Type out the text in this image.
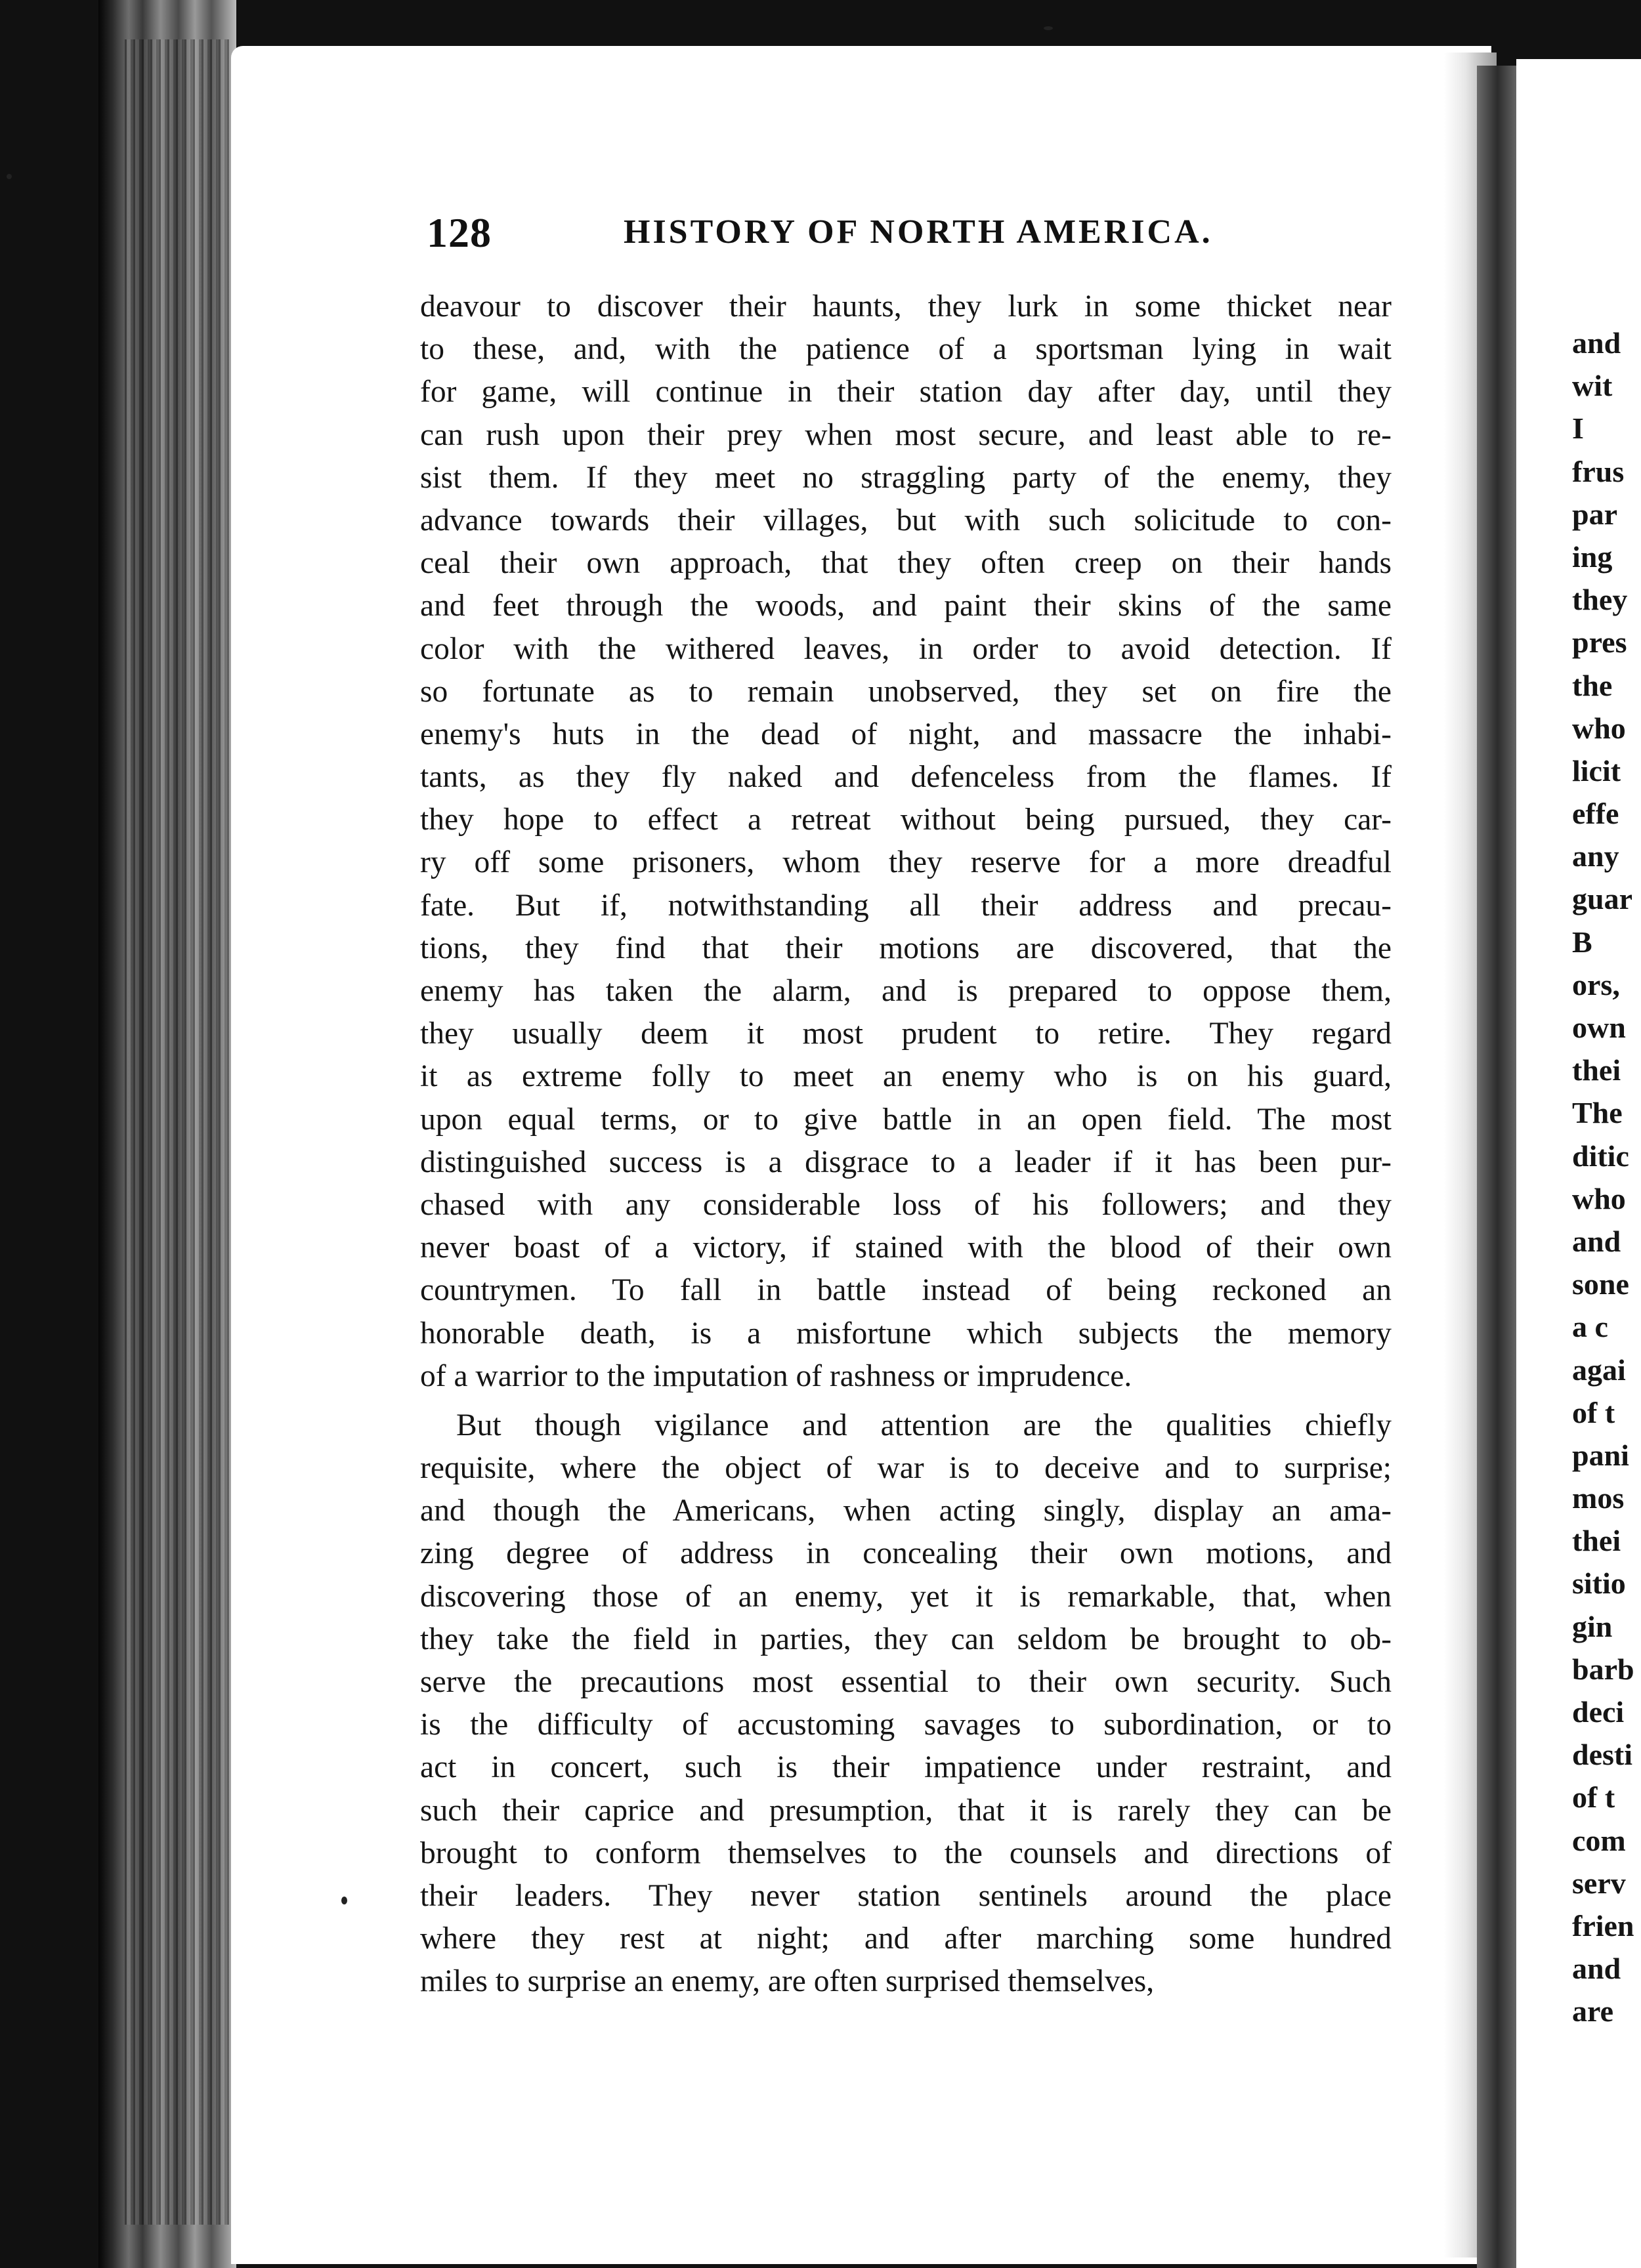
128	HISTORY OF NORTH AMERICA.
deavour to discover their haunts, they lurk in some thicket near
to these, and, with the patience of a sportsman lying in wait
for game, will continue in their station day after day, until they
can rush upon their prey when most secure, and least able to re-
sist them. If they meet no straggling party of the enemy, they
advance towards their villages, but with such solicitude to con-
ceal their own approach, that they often creep on their hands
and feet through the woods, and paint their skins of the same
color with the withered leaves, in order to avoid detection. If
so fortunate as to remain unobserved, they set on fire the
enemy's huts in the dead of night, and massacre the inhabi-
tants, as they fly naked and defenceless from the flames. If
they hope to effect a retreat without being pursued, they car-
ry off some prisoners, whom they reserve for a more dreadful
fate. But if, notwithstanding all their address and precau-
tions, they find that their motions are discovered, that the
enemy has taken the alarm, and is prepared to oppose them,
they usually deem it most prudent to retire. They regard
it as extreme folly to meet an enemy who is on his guard,
upon equal terms, or to give battle in an open field. The most
distinguished success is a disgrace to a leader if it has been pur-
chased with any considerable loss of his followers; and they
never boast of a victory, if stained with the blood of their own
countrymen. To fall in battle instead of being reckoned an
honorable death, is a misfortune which subjects the memory
of a warrior to the imputation of rashness or imprudence.
But though vigilance and attention are the qualities chiefly
requisite, where the object of war is to deceive and to surprise;
and though the Americans, when acting singly, display an ama-
zing degree of address in concealing their own motions, and
discovering those of an enemy, yet it is remarkable, that, when
they take the field in parties, they can seldom be brought to ob-
serve the precautions most essential to their own security. Such
is the difficulty of accustoming savages to subordination, or to
act in concert, such is their impatience under restraint, and
such their caprice and presumption, that it is rarely they can be
brought to conform themselves to the counsels and directions of
their leaders. They never station sentinels around the place
where they rest at night; and after marching some hundred
miles to surprise an enemy, are often surprised themselves,
and
wit
I
frus
par
ing
they
pres
the
who
licit
effe
any
guar
B
ors,
own
thei
The
ditic
who
and
sone
a c
agai
of t
pani
mos
thei
sitio
gin
barb
deci
desti
of t
com
serv
frien
and
are
